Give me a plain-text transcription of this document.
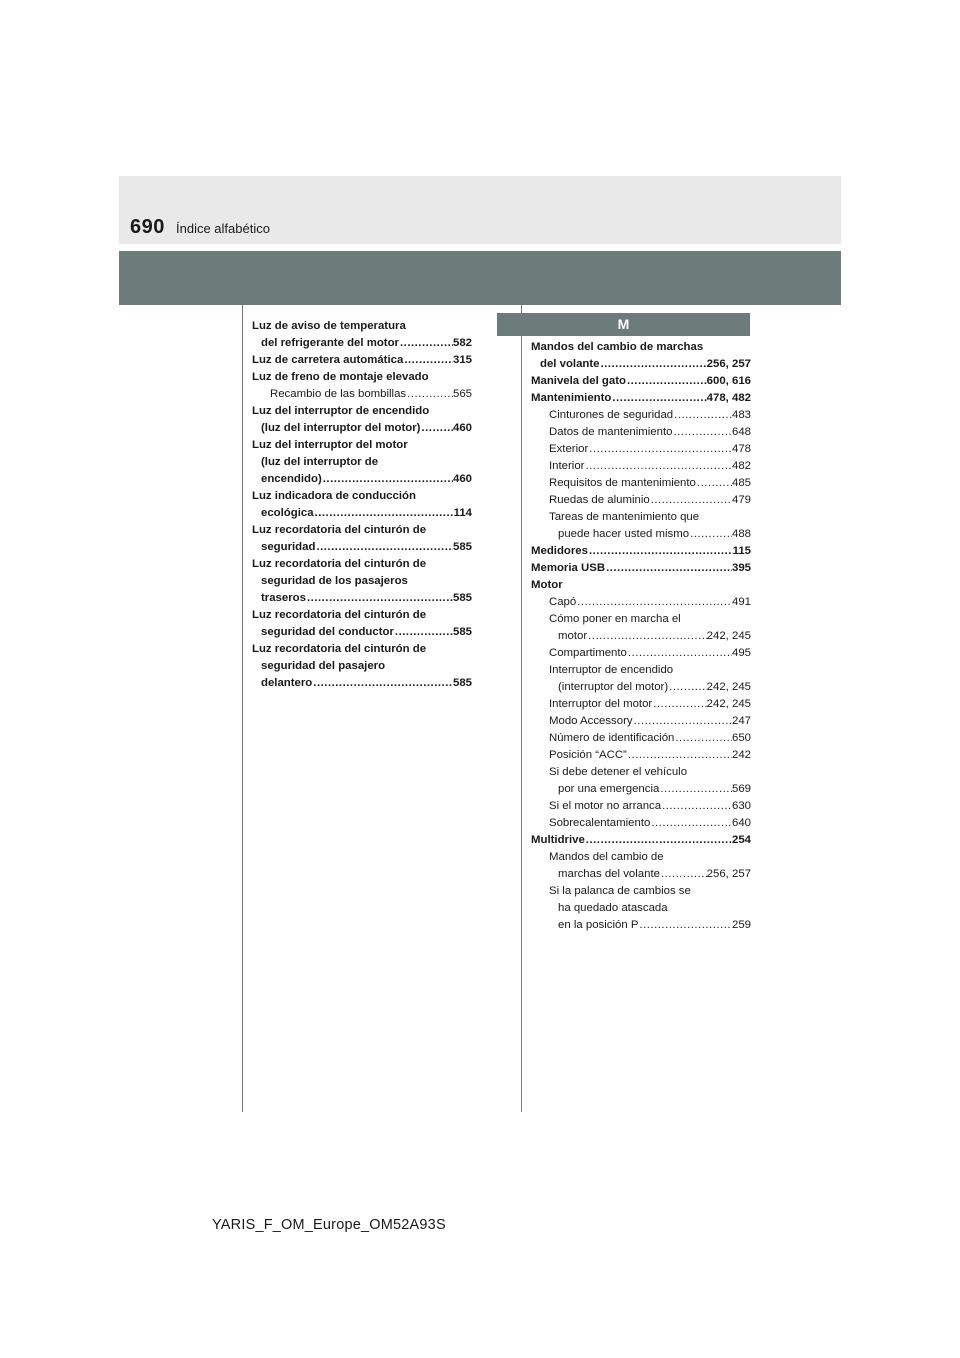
690 Índice alfabético
M
Luz de aviso de temperatura
del refrigerante del motor .....	582
Luz de carretera automática .....	315
Luz de freno de montaje elevado
Recambio de las bombillas .....	565
Luz del interruptor de encendido
(luz del interruptor del motor) .....	460
Luz del interruptor del motor
(luz del interruptor de
encendido) .....	460
Luz indicadora de conducción
ecológica .....	114
Luz recordatoria del cinturón de
seguridad .....	585
Luz recordatoria del cinturón de
seguridad de los pasajeros
traseros .....	585
Luz recordatoria del cinturón de
seguridad del conductor .....	585
Luz recordatoria del cinturón de
seguridad del pasajero
delantero .....	585
Mandos del cambio de marchas
del volante .....	256, 257
Manivela del gato .....	600, 616
Mantenimiento .....	478, 482
Cinturones de seguridad .....	483
Datos de mantenimiento .....	648
Exterior .....	478
Interior .....	482
Requisitos de mantenimiento .....	485
Ruedas de aluminio .....	479
Tareas de mantenimiento que
puede hacer usted mismo .....	488
Medidores .....	115
Memoria USB .....	395
Motor
Capó .....	491
Cómo poner en marcha el
motor .....	242, 245
Compartimento .....	495
Interruptor de encendido
(interruptor del motor) .....	242, 245
Interruptor del motor .....	242, 245
Modo Accessory .....	247
Número de identificación .....	650
Posición “ACC” .....	242
Si debe detener el vehículo
por una emergencia .....	569
Si el motor no arranca .....	630
Sobrecalentamiento .....	640
Multidrive .....	254
Mandos del cambio de
marchas del volante .....	256, 257
Si la palanca de cambios se
ha quedado atascada
en la posición P .....	259
YARIS_F_OM_Europe_OM52A93S
